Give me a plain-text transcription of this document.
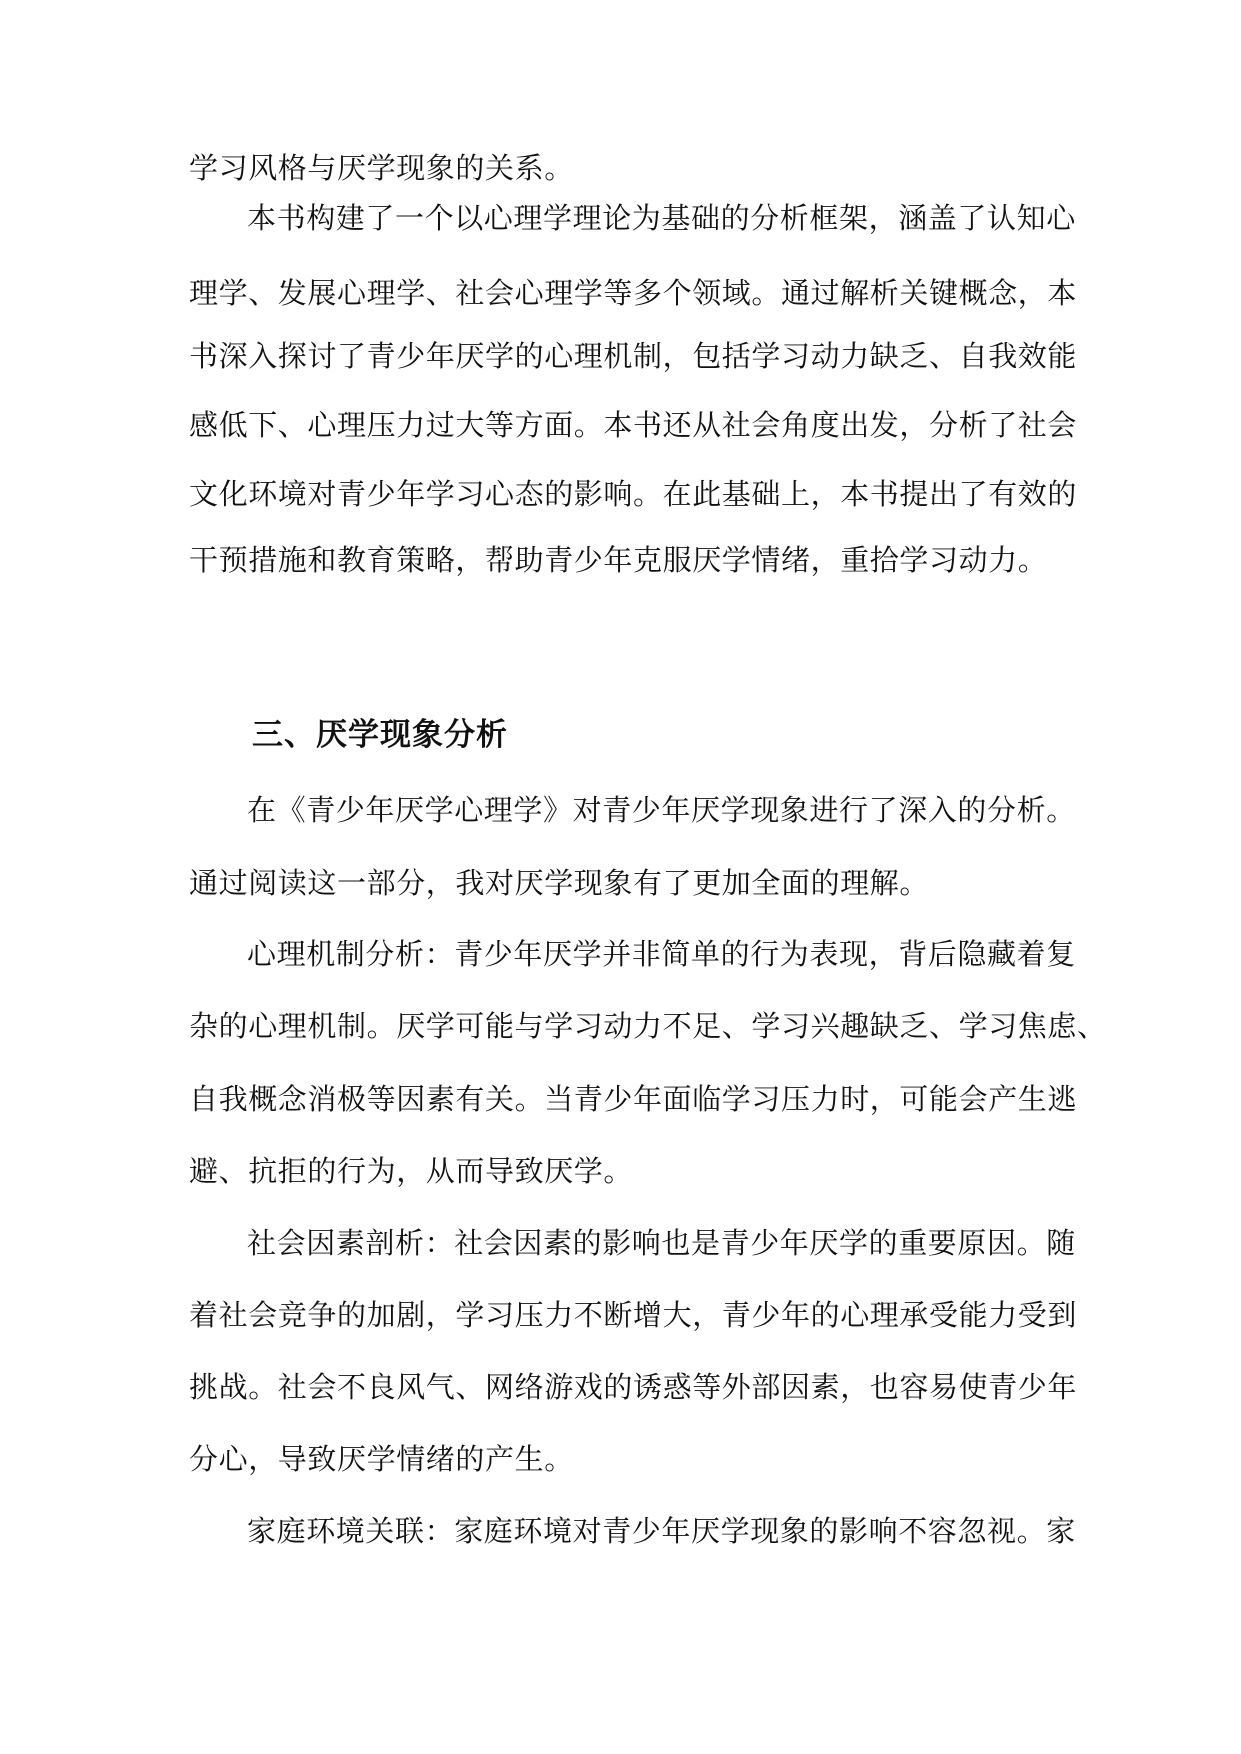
学习风格与厌学现象的关系。
本书构建了一个以心理学理论为基础的分析框架，涵盖了认知心
理学、发展心理学、社会心理学等多个领域。通过解析关键概念，本
书深入探讨了青少年厌学的心理机制，包括学习动力缺乏、自我效能
感低下、心理压力过大等方面。本书还从社会角度出发，分析了社会
文化环境对青少年学习心态的影响。在此基础上，本书提出了有效的
干预措施和教育策略，帮助青少年克服厌学情绪，重拾学习动力。
三、厌学现象分析
在《青少年厌学心理学》对青少年厌学现象进行了深入的分析。
通过阅读这一部分，我对厌学现象有了更加全面的理解。
心理机制分析：青少年厌学并非简单的行为表现，背后隐藏着复
杂的心理机制。厌学可能与学习动力不足、学习兴趣缺乏、学习焦虑、
自我概念消极等因素有关。当青少年面临学习压力时，可能会产生逃
避、抗拒的行为，从而导致厌学。
社会因素剖析：社会因素的影响也是青少年厌学的重要原因。随
着社会竞争的加剧，学习压力不断增大，青少年的心理承受能力受到
挑战。社会不良风气、网络游戏的诱惑等外部因素，也容易使青少年
分心，导致厌学情绪的产生。
家庭环境关联：家庭环境对青少年厌学现象的影响不容忽视。家
